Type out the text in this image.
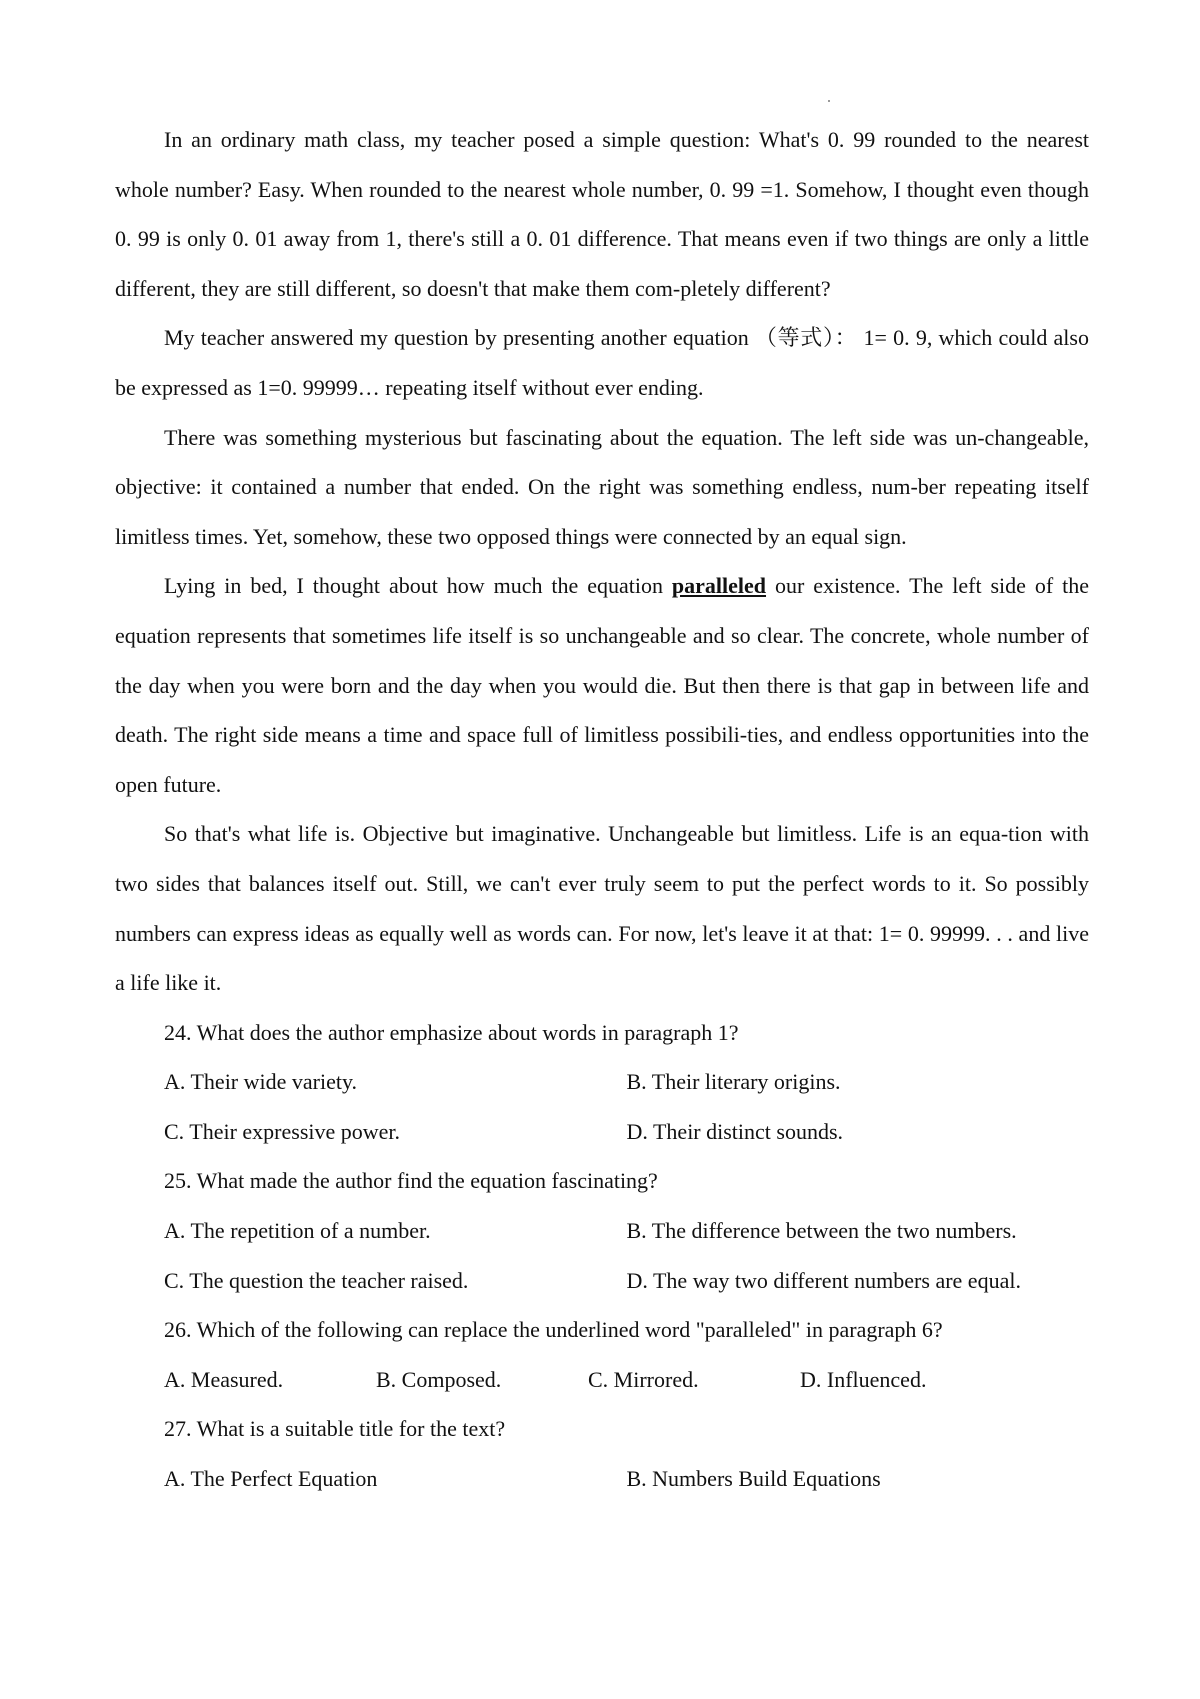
In an ordinary math class, my teacher posed a simple question: What's 0. 99 rounded to the nearest whole number? Easy. When rounded to the nearest whole number, 0. 99 =1. Somehow, I thought even though 0. 99 is only 0. 01 away from 1, there's still a 0. 01 difference. That means even if two things are only a little different, they are still different, so doesn't that make them com-pletely different?

My teacher answered my question by presenting another equation （等式）： 1= 0. 9, which could also be expressed as 1=0. 99999… repeating itself without ever ending.

There was something mysterious but fascinating about the equation. The left side was un-changeable, objective: it contained a number that ended. On the right was something endless, num-ber repeating itself limitless times. Yet, somehow, these two opposed things were connected by an equal sign.

Lying in bed, I thought about how much the equation paralleled our existence. The left side of the equation represents that sometimes life itself is so unchangeable and so clear. The concrete, whole number of the day when you were born and the day when you would die. But then there is that gap in between life and death. The right side means a time and space full of limitless possibili-ties, and endless opportunities into the open future.

So that's what life is. Objective but imaginative. Unchangeable but limitless. Life is an equa-tion with two sides that balances itself out. Still, we can't ever truly seem to put the perfect words to it. So possibly numbers can express ideas as equally well as words can. For now, let's leave it at that: 1= 0. 99999. . . and live a life like it.

24. What does the author emphasize about words in paragraph 1?

A. Their wide variety.	B. Their literary origins.
C. Their expressive power.	D. Their distinct sounds.

25. What made the author find the equation fascinating?

A. The repetition of a number.	B. The difference between the two numbers.
C. The question the teacher raised.	D. The way two different numbers are equal.

26. Which of the following can replace the underlined word "paralleled" in paragraph 6?

A. Measured.	B. Composed.	C. Mirrored.	D. Influenced.

27. What is a suitable title for the text?

A. The Perfect Equation	B. Numbers Build Equations
